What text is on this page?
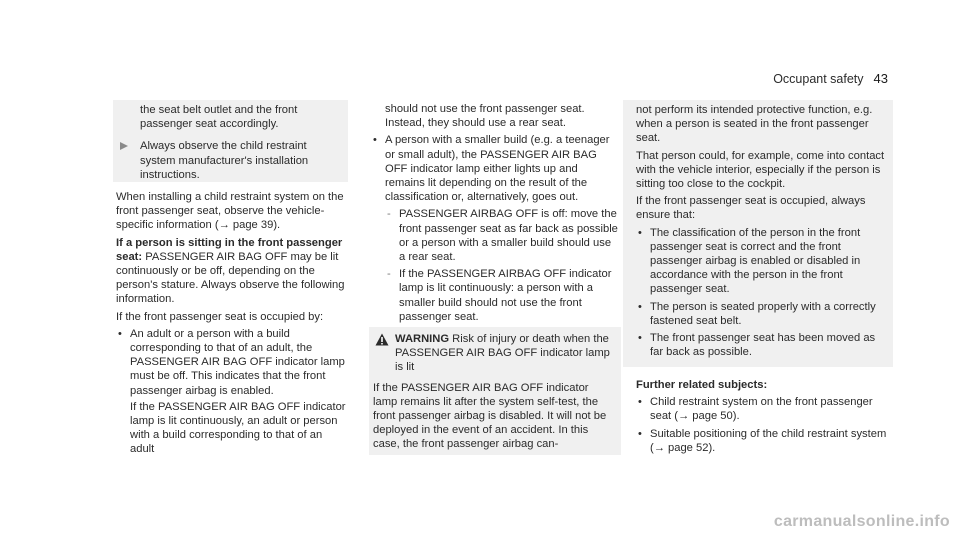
Occupant safety 43

the seat belt outlet and the front passenger seat accordingly.

Always observe the child restraint system manufacturer's installation instructions.

When installing a child restraint system on the front passenger seat, observe the vehicle-specific information (→ page 39).

If a person is sitting in the front passenger seat: PASSENGER AIR BAG OFF may be lit continuously or be off, depending on the person's stature. Always observe the following information.

If the front passenger seat is occupied by:

• An adult or a person with a build corresponding to that of an adult, the PASSENGER AIR BAG OFF indicator lamp must be off. This indicates that the front passenger airbag is enabled.

If the PASSENGER AIR BAG OFF indicator lamp is lit continuously, an adult or person with a build corresponding to that of an adult

should not use the front passenger seat. Instead, they should use a rear seat.

• A person with a smaller build (e.g. a teenager or small adult), the PASSENGER AIR BAG OFF indicator lamp either lights up and remains lit depending on the result of the classification or, alternatively, goes out.
- PASSENGER AIRBAG OFF is off: move the front passenger seat as far back as possible or a person with a smaller build should use a rear seat.
- If the PASSENGER AIRBAG OFF indicator lamp is lit continuously: a person with a smaller build should not use the front passenger seat.
WARNING Risk of injury or death when the PASSENGER AIR BAG OFF indicator lamp is lit

If the PASSENGER AIR BAG OFF indicator lamp remains lit after the system self-test, the front passenger airbag is disabled. It will not be deployed in the event of an accident. In this case, the front passenger airbag can-

not perform its intended protective function, e.g. when a person is seated in the front passenger seat.

That person could, for example, come into contact with the vehicle interior, especially if the person is sitting too close to the cockpit.

If the front passenger seat is occupied, always ensure that:

• The classification of the person in the front passenger seat is correct and the front passenger airbag is enabled or disabled in accordance with the person in the front passenger seat.
• The person is seated properly with a correctly fastened seat belt.
• The front passenger seat has been moved as far back as possible.

Further related subjects:

• Child restraint system on the front passenger seat (→ page 50).
• Suitable positioning of the child restraint system (→ page 52).
carmanualsonline.info
